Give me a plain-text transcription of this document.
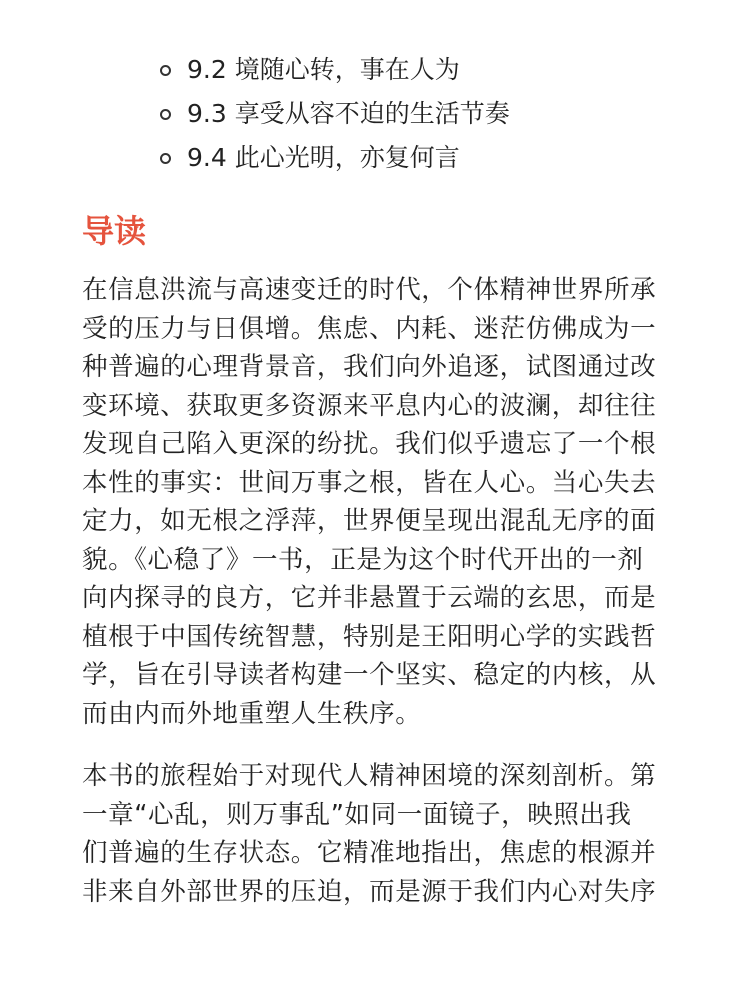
9.2 境随心转，事在人为
9.3 享受从容不迫的生活节奏
9.4 此心光明，亦复何言
导读

在信息洪流与高速变迁的时代，个体精神世界所承
受的压力与日俱增。焦虑、内耗、迷茫仿佛成为一
种普遍的心理背景音，我们向外追逐，试图通过改
变环境、获取更多资源来平息内心的波澜，却往往
发现自己陷入更深的纷扰。我们似乎遗忘了一个根
本性的事实：世间万事之根，皆在人心。当心失去
定力，如无根之浮萍，世界便呈现出混乱无序的面
貌。《心稳了》一书，正是为这个时代开出的一剂
向内探寻的良方，它并非悬置于云端的玄思，而是
植根于中国传统智慧，特别是王阳明心学的实践哲
学，旨在引导读者构建一个坚实、稳定的内核，从
而由内而外地重塑人生秩序。

本书的旅程始于对现代人精神困境的深刻剖析。第
一章“心乱，则万事乱”如同一面镜子，映照出我
们普遍的生存状态。它精准地指出，焦虑的根源并
非来自外部世界的压迫，而是源于我们内心对失序
